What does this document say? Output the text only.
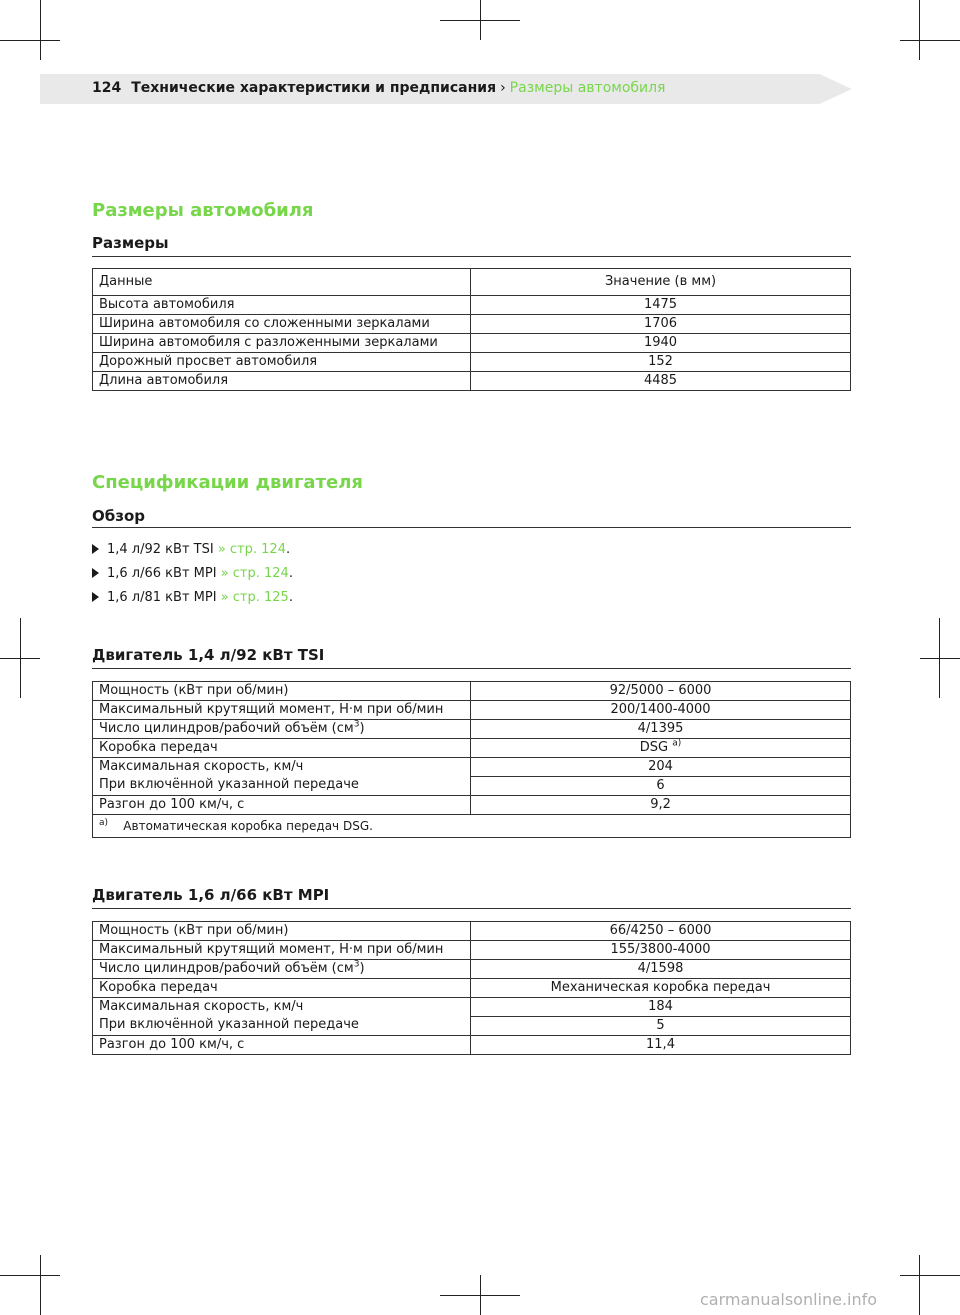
124 Технические характеристики и предписания › Размеры автомобиля
Размеры автомобиля
Размеры
Данные	Значение (в мм)
Высота автомобиля	1475
Ширина автомобиля со сложенными зеркалами	1706
Ширина автомобиля с разложенными зеркалами	1940
Дорожный просвет автомобиля	152
Длина автомобиля	4485
Спецификации двигателя
Обзор
1,4 л/92 кВт TSI » стр. 124.
1,6 л/66 кВт MPI » стр. 124.
1,6 л/81 кВт MPI » стр. 125.
Двигатель 1,4 л/92 кВт TSI
Мощность (кВт при об/мин)	92/5000 – 6000
Максимальный крутящий момент, Н·м при об/мин	200/1400-4000
Число цилиндров/рабочий объём $(см^3)$	4/1395
Коробка передач	DSG $^{a)}$

Максимальная скорость, км/ч
При включённой указанной передаче	204
	6
Разгон до 100 км/ч, с	9,2
$^{a)}$ Автоматическая коробка передач DSG.	
Двигатель 1,6 л/66 кВт MPI
Мощность (кВт при об/мин)	66/4250 – 6000
Максимальный крутящий момент, Н·м при об/мин	155/3800-4000
Число цилиндров/рабочий объём $(см^3)$	4/1598
Коробка передач	Механическая коробка передач

Максимальная скорость, км/ч
При включённой указанной передаче	184
	5
Разгон до 100 км/ч, с	11,4
carmanualsonline.info
